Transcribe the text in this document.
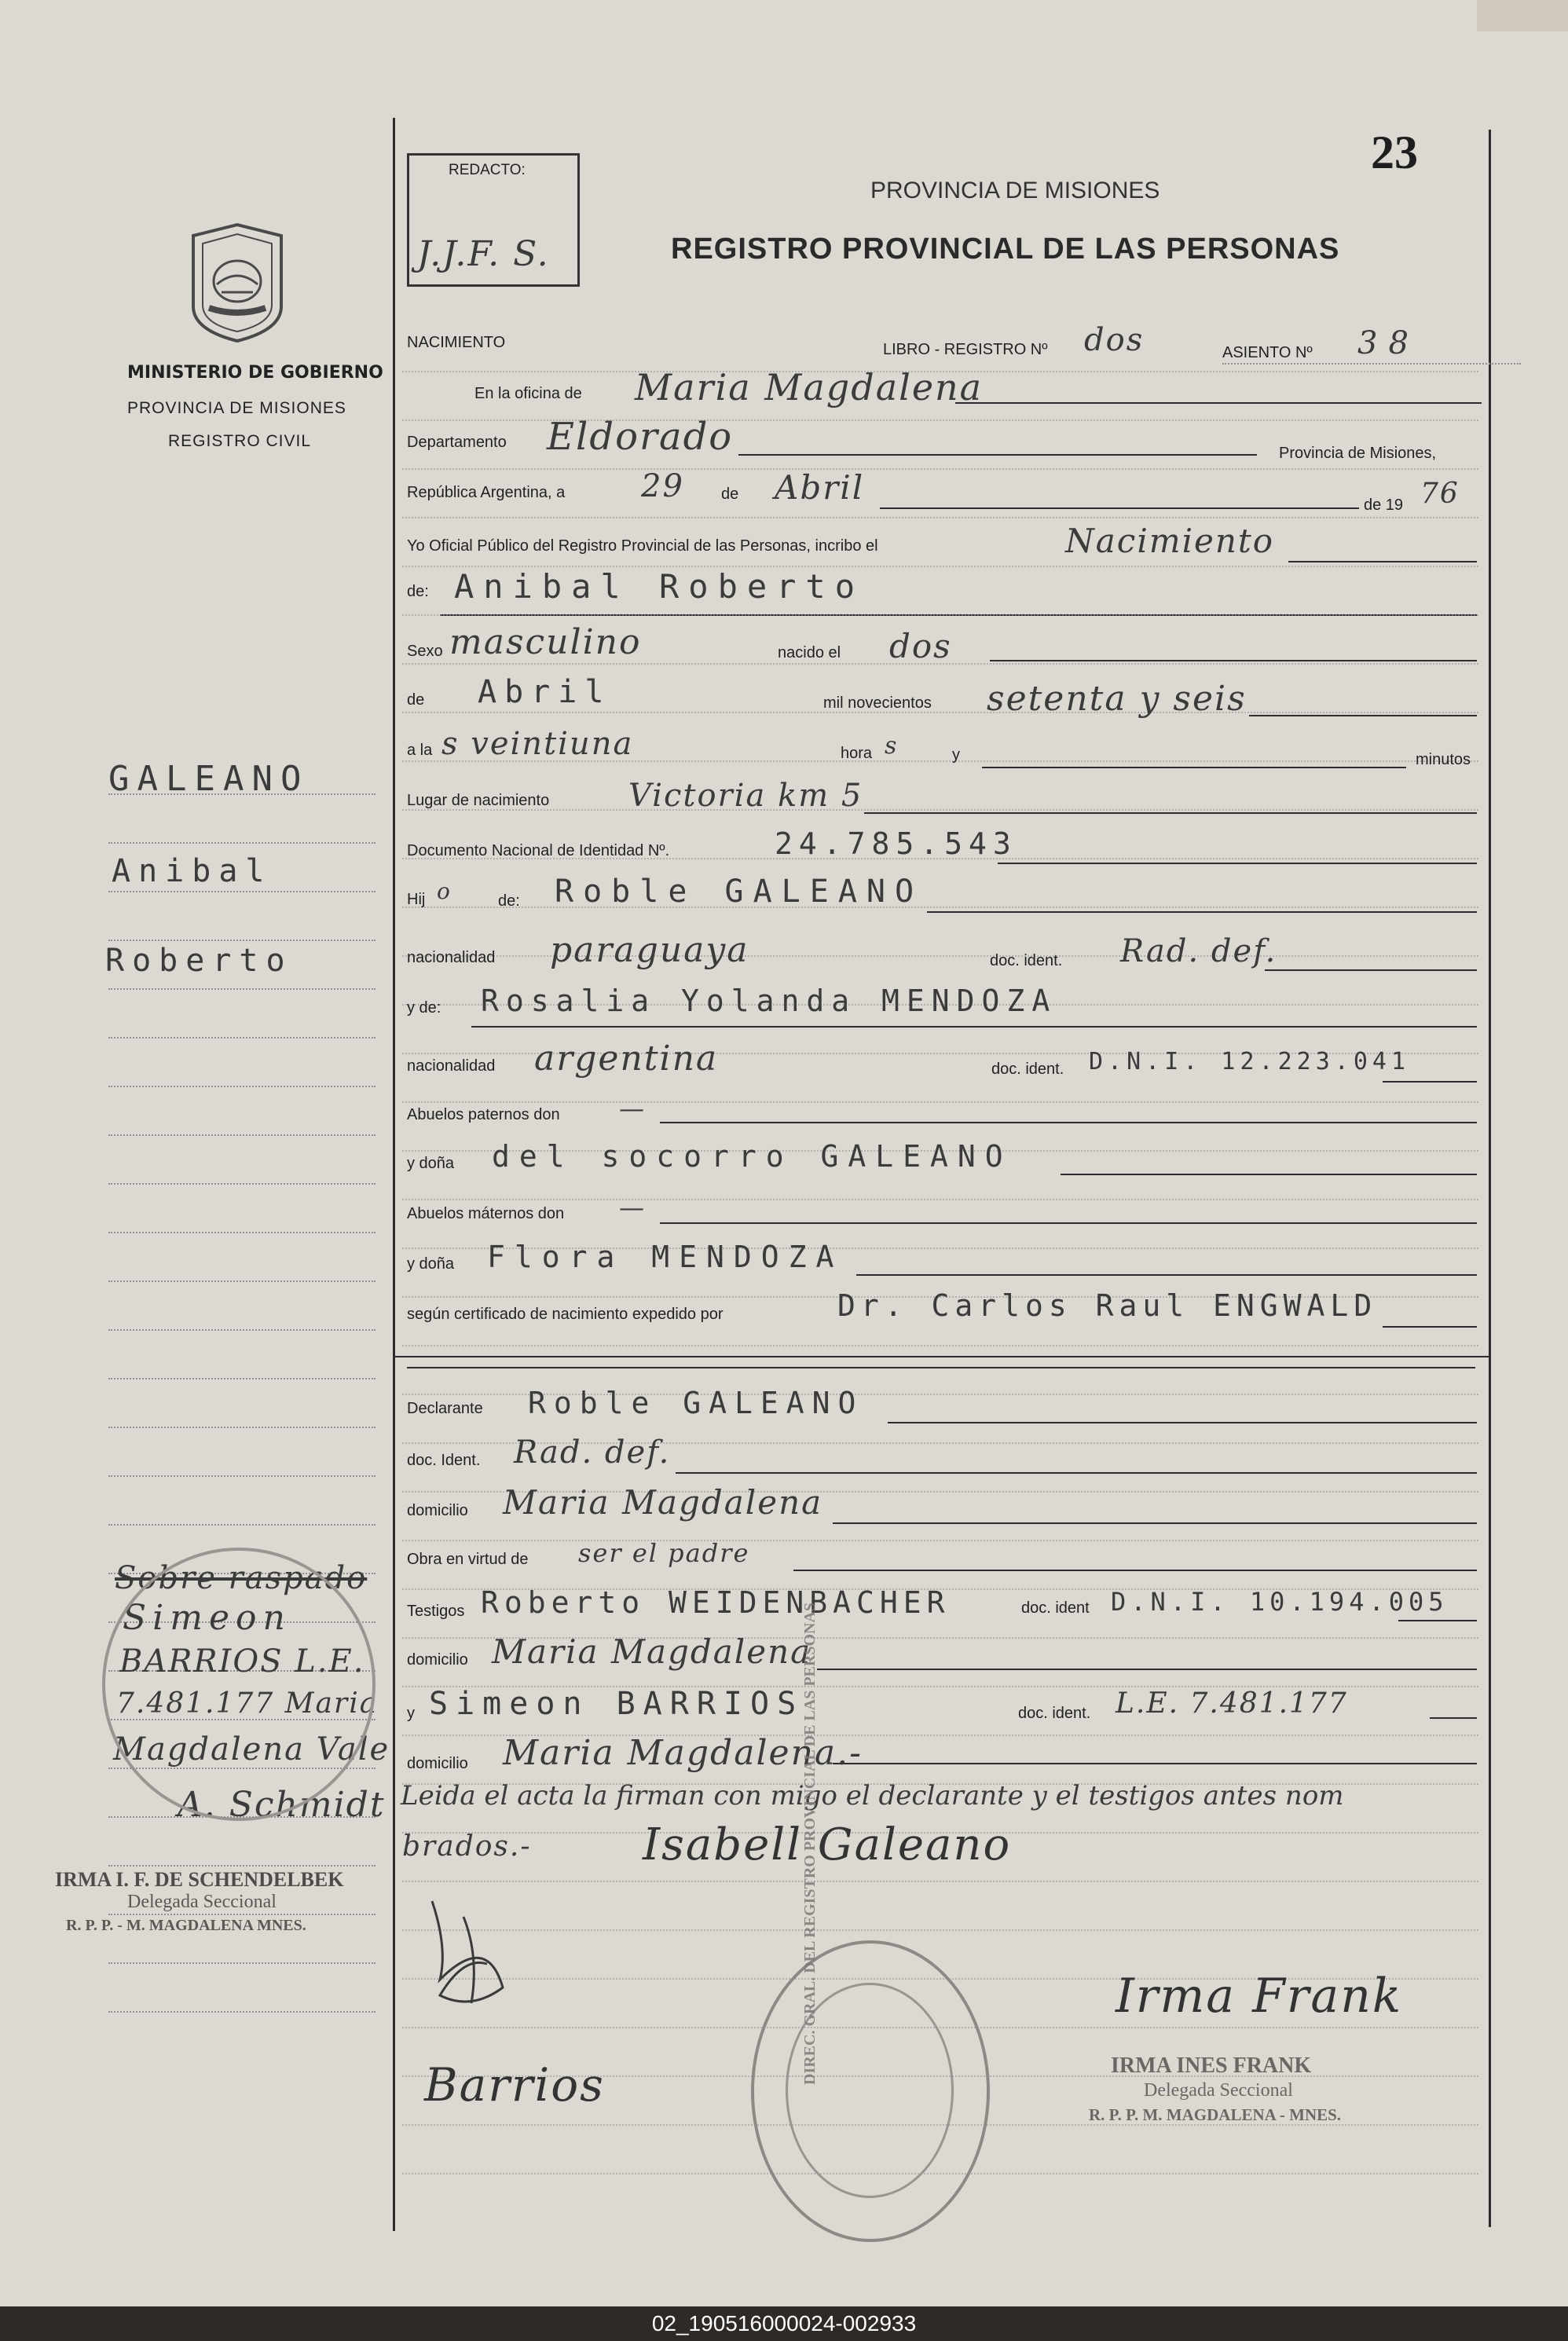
23
REDACTO:
J.J.F. S.
PROVINCIA DE MISIONES
REGISTRO PROVINCIAL DE LAS PERSONAS
MINISTERIO DE GOBIERNO
PROVINCIA DE MISIONES
REGISTRO CIVIL
GALEANO
Anibal
Roberto
NACIMIENTO	LIBRO - REGISTRO Nº dos	ASIENTO Nº 38
En la oficina de Maria Magdalena
Departamento Eldorado	Provincia de Misiones,
República Argentina, a 29 de Abril	de 19 76
Yo Oficial Público del Registro Provincial de las Personas, incribo el	Nacimiento
de: Anibal Roberto
Sexo masculino	nacido el dos
de Abril	mil novecientos setenta y seis
a la s veintiuna	hora s	y	minutos
Lugar de nacimiento	Victoria km 5
Documento Nacional de Identidad Nº.	24.785.543
Hij o	de: Roble GALEANO
nacionalidad paraguaya	doc. ident. Rad. def.
y de: Rosalia Yolanda MENDOZA
nacionalidad argentina	doc. ident. D.N.I. 12.223.041
Abuelos paternos don —
y doña del socorro GALEANO
Abuelos máternos don —
y doña Flora MENDOZA
según certificado de nacimiento expedido por	Dr. Carlos Raul ENGWALD
Declarante Roble GALEANO
doc. Ident. Rad. def.
domicilio Maria Magdalena
Obra en virtud de ser el padre
Testigos Roberto WEIDENBACHER	doc. ident D.N.I. 10.194.005
domicilio Maria Magdalena
y Simeon BARRIOS	doc. ident. L.E. 7.481.177
domicilio Maria Magdalena.-
Leida el acta la firman con migo el declarante y el testigos antes nom
brados.-	Isabell Galeano
Sobre raspado
Simeon
BARRIOS L.E.
7.481.177 Maria
Magdalena Vale
A. Schmidt
IRMA I. F. DE SCHENDELBEK
Delegada Seccional
R. P. P. - M. MAGDALENA MNES.
Barrios	DIREC. GRAL. DEL REGISTRO PROVINCIAL DE LAS PERSONAS	Irma Frank
IRMA INES FRANK
Delegada Seccional
R. P. P. M. MAGDALENA - MNES.
02_190516000024-002933
